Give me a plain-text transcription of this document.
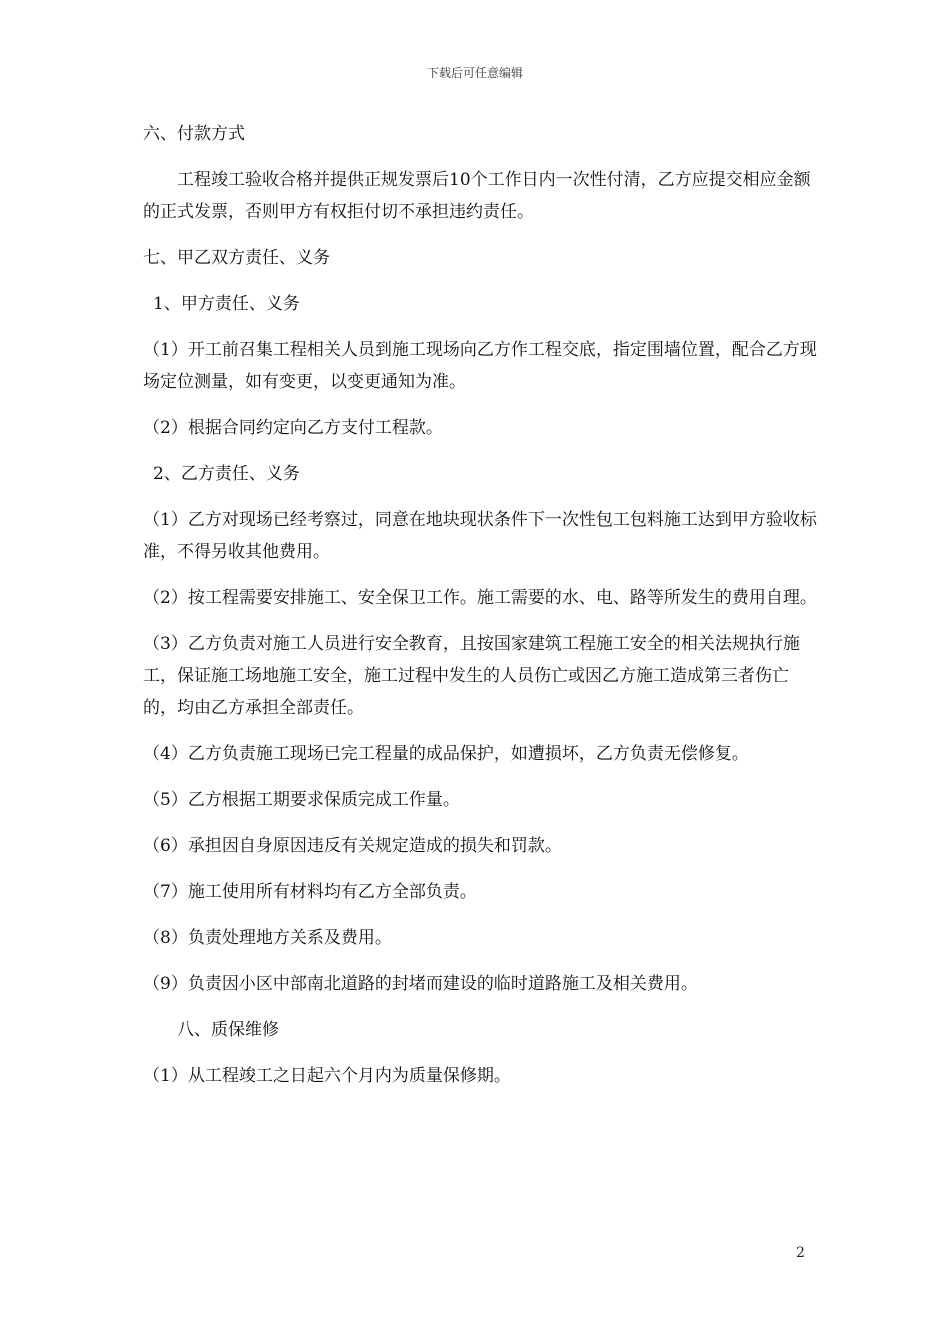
下载后可任意编辑

六、付款方式

工程竣工验收合格并提供正规发票后10个工作日内一次性付清，乙方应提交相应金额的正式发票，否则甲方有权拒付切不承担违约责任。

七、甲乙双方责任、义务

1、甲方责任、义务

（1）开工前召集工程相关人员到施工现场向乙方作工程交底，指定围墙位置，配合乙方现场定位测量，如有变更，以变更通知为准。

（2）根据合同约定向乙方支付工程款。

2、乙方责任、义务

（1）乙方对现场已经考察过，同意在地块现状条件下一次性包工包料施工达到甲方验收标准，不得另收其他费用。

（2）按工程需要安排施工、安全保卫工作。施工需要的水、电、路等所发生的费用自理。

（3）乙方负责对施工人员进行安全教育，且按国家建筑工程施工安全的相关法规执行施工，保证施工场地施工安全，施工过程中发生的人员伤亡或因乙方施工造成第三者伤亡的，均由乙方承担全部责任。

（4）乙方负责施工现场已完工程量的成品保护，如遭损坏，乙方负责无偿修复。

（5）乙方根据工期要求保质完成工作量。

（6）承担因自身原因违反有关规定造成的损失和罚款。

（7）施工使用所有材料均有乙方全部负责。

（8）负责处理地方关系及费用。

（9）负责因小区中部南北道路的封堵而建设的临时道路施工及相关费用。

八、质保维修

（1）从工程竣工之日起六个月内为质量保修期。

2
